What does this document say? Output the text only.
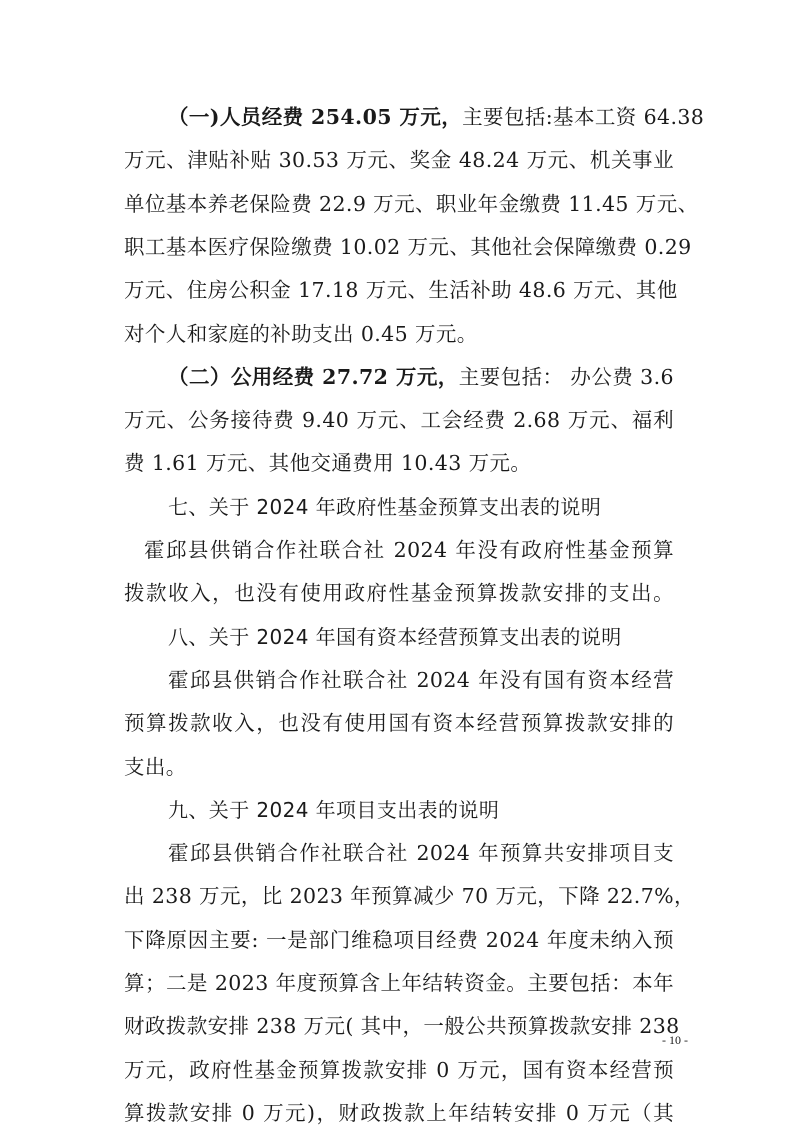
（一)人员经费 254.05 万元，主要包括:基本工资 64.38
万元、津贴补贴 30.53 万元、奖金 48.24 万元、机关事业
单位基本养老保险费 22.9 万元、职业年金缴费 11.45 万元、
职工基本医疗保险缴费 10.02 万元、其他社会保障缴费 0.29
万元、住房公积金 17.18 万元、生活补助 48.6 万元、其他
对个人和家庭的补助支出 0.45 万元。
（二）公用经费 27.72 万元，主要包括： 办公费 3.6
万元、公务接待费 9.40 万元、工会经费 2.68 万元、福利
费 1.61 万元、其他交通费用 10.43 万元。
七、关于 2024 年政府性基金预算支出表的说明
霍邱县供销合作社联合社 2024 年没有政府性基金预算
拨款收入，也没有使用政府性基金预算拨款安排的支出。
八、关于 2024 年国有资本经营预算支出表的说明
霍邱县供销合作社联合社 2024 年没有国有资本经营
预算拨款收入，也没有使用国有资本经营预算拨款安排的
支出。
九、关于 2024 年项目支出表的说明
霍邱县供销合作社联合社 2024 年预算共安排项目支
出 238 万元，比 2023 年预算减少 70 万元，下降 22.7%，
下降原因主要: 一是部门维稳项目经费 2024 年度未纳入预
算；二是 2023 年度预算含上年结转资金。主要包括：本年
财政拨款安排 238 万元( 其中，一般公共预算拨款安排 238
万元，政府性基金预算拨款安排 0 万元，国有资本经营预
算拨款安排 0 万元)，财政拨款上年结转安排 0 万元（其
- 10 -
